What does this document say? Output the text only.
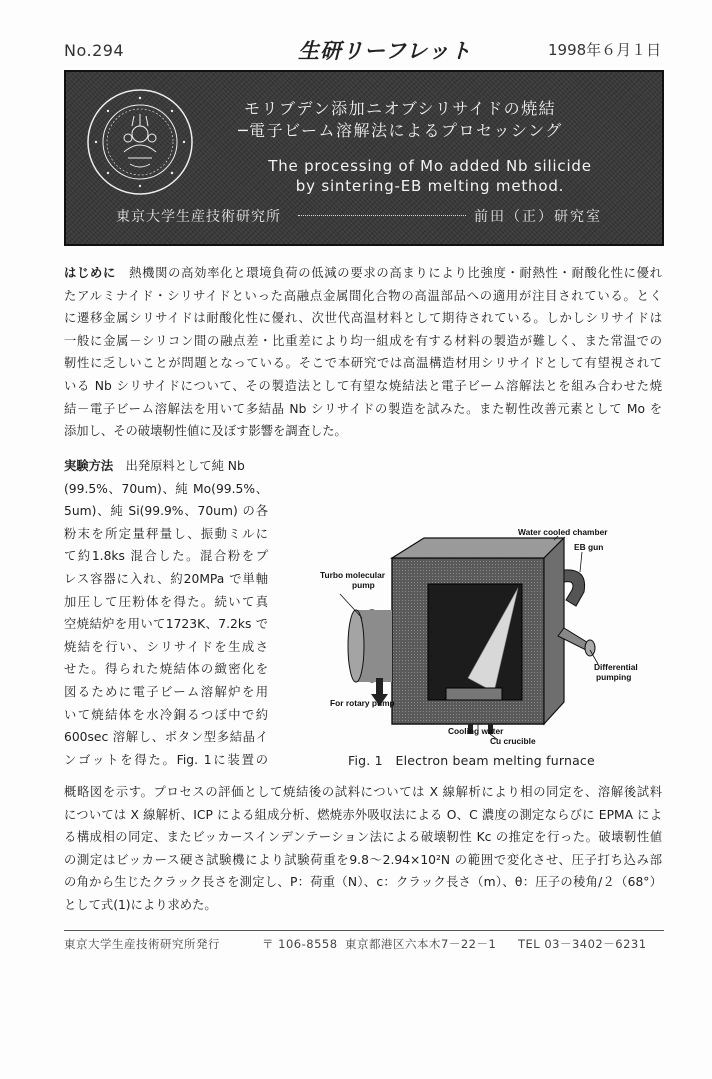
No.294	生研リーフレット	1998年６月１日
モリブデン添加ニオブシリサイドの焼結
─電子ビーム溶解法によるプロセッシング
The processing of Mo added Nb silicide
by sintering-EB melting method.
東京大学生産技術研究所	前田（正）研究室
はじめに　 熱機関の高効率化と環境負荷の低減の要求の高まりにより比強度・耐熱性・耐酸化性に優れ
たアルミナイド・シリサイドといった高融点金属間化合物の高温部品への適用が注目されている。とく
に遷移金属シリサイドは耐酸化性に優れ、次世代高温材料として期待されている。しかしシリサイドは
一般に金属－シリコン間の融点差・比重差により均一組成を有する材料の製造が難しく、また常温での
靭性に乏しいことが問題となっている。そこで本研究では高温構造材用シリサイドとして有望視されて
いる Nb シリサイドについて、その製造法として有望な焼結法と電子ビーム溶解法とを組み合わせた焼
結－電子ビーム溶解法を用いて多結晶 Nb シリサイドの製造を試みた。また靭性改善元素として Mo を
添加し、その破壊靭性値に及ぼす影響を調査した。
実験方法　 出発原料として純 Nb
(99.5%、70um)、純 Mo(99.5%、
5um)、純 Si(99.9%、70um) の各
粉末を所定量秤量し、振動ミルに
て約1.8ks 混合した。混合粉をプ
レス容器に入れ、約20MPa で単軸
加圧して圧粉体を得た。続いて真
空焼結炉を用いて1723K、7.2ks で
焼結を行い、シリサイドを生成さ
せた。得られた焼結体の緻密化を
図るために電子ビーム溶解炉を用
いて焼結体を水冷銅るつぼ中で約
600sec 溶解し、ボタン型多結晶イ
ンゴットを得た。Fig. 1に装置の
Water cooled chamber
EB gun
Turbo molecular
pump
Differential
pumping
For rotary pump
Cooling water
Cu crucible
Fig. 1　Electron beam melting furnace
概略図を示す。プロセスの評価として焼結後の試料については X 線解析により相の同定を、溶解後試料
については X 線解析、ICP による組成分析、燃焼赤外吸収法による O、C 濃度の測定ならびに EPMA によ
る構成相の同定、またビッカースインデンテーション法による破壊靭性 Kc の推定を行った。破壊靭性値
の測定はビッカース硬さ試験機により試験荷重を9.8～2.94×10²N の範囲で変化させ、圧子打ち込み部
の角から生じたクラック長さを測定し、P：荷重（N）、c：クラック長さ（m）、θ：圧子の稜角/２（68°）
として式(1)により求めた。
東京大学生産技術研究所発行	〒 106-8558 東京都港区六本木7－22－1 TEL 03－3402－6231
